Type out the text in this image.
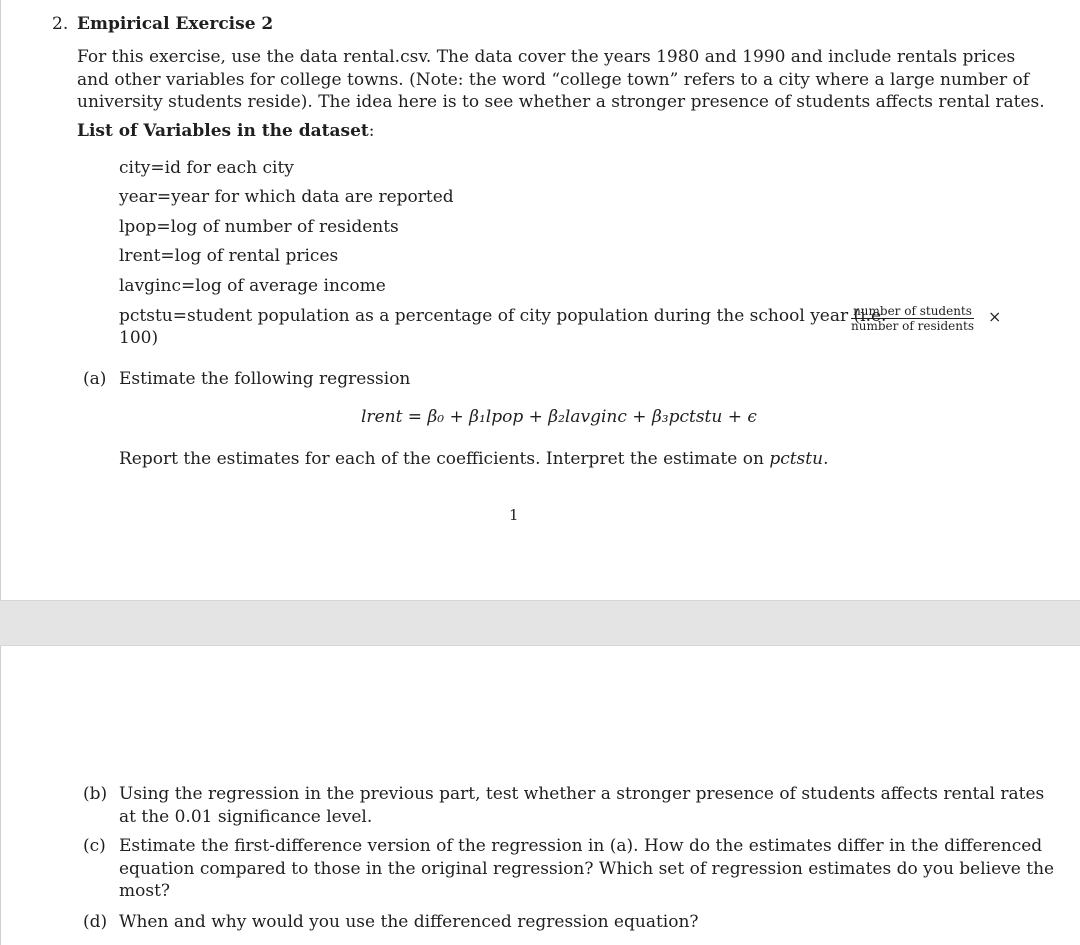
2. Empirical Exercise 2
For this exercise, use the data rental.csv. The data cover the years 1980 and 1990 and include rentals prices
and other variables for college towns. (Note: the word “college town” refers to a city where a large number of
university students reside). The idea here is to see whether a stronger presence of students affects rental rates.
List of Variables in the dataset:
city=id for each city
year=year for which data are reported
lpop=log of number of residents
lrent=log of rental prices
lavginc=log of average income
pctstu=student population as a percentage of city population during the school year (i.e.
100)
number of students
number of residents ×
(a) Estimate the following regression
lrent = β₀ + β₁lpop + β₂lavginc + β₃pctstu + ϵ
Report the estimates for each of the coefficients. Interpret the estimate on pctstu.
1
(b) Using the regression in the previous part, test whether a stronger presence of students affects rental rates
at the 0.01 significance level.
(c) Estimate the first-difference version of the regression in (a). How do the estimates differ in the differenced
equation compared to those in the original regression? Which set of regression estimates do you believe the
most?
(d) When and why would you use the differenced regression equation?
